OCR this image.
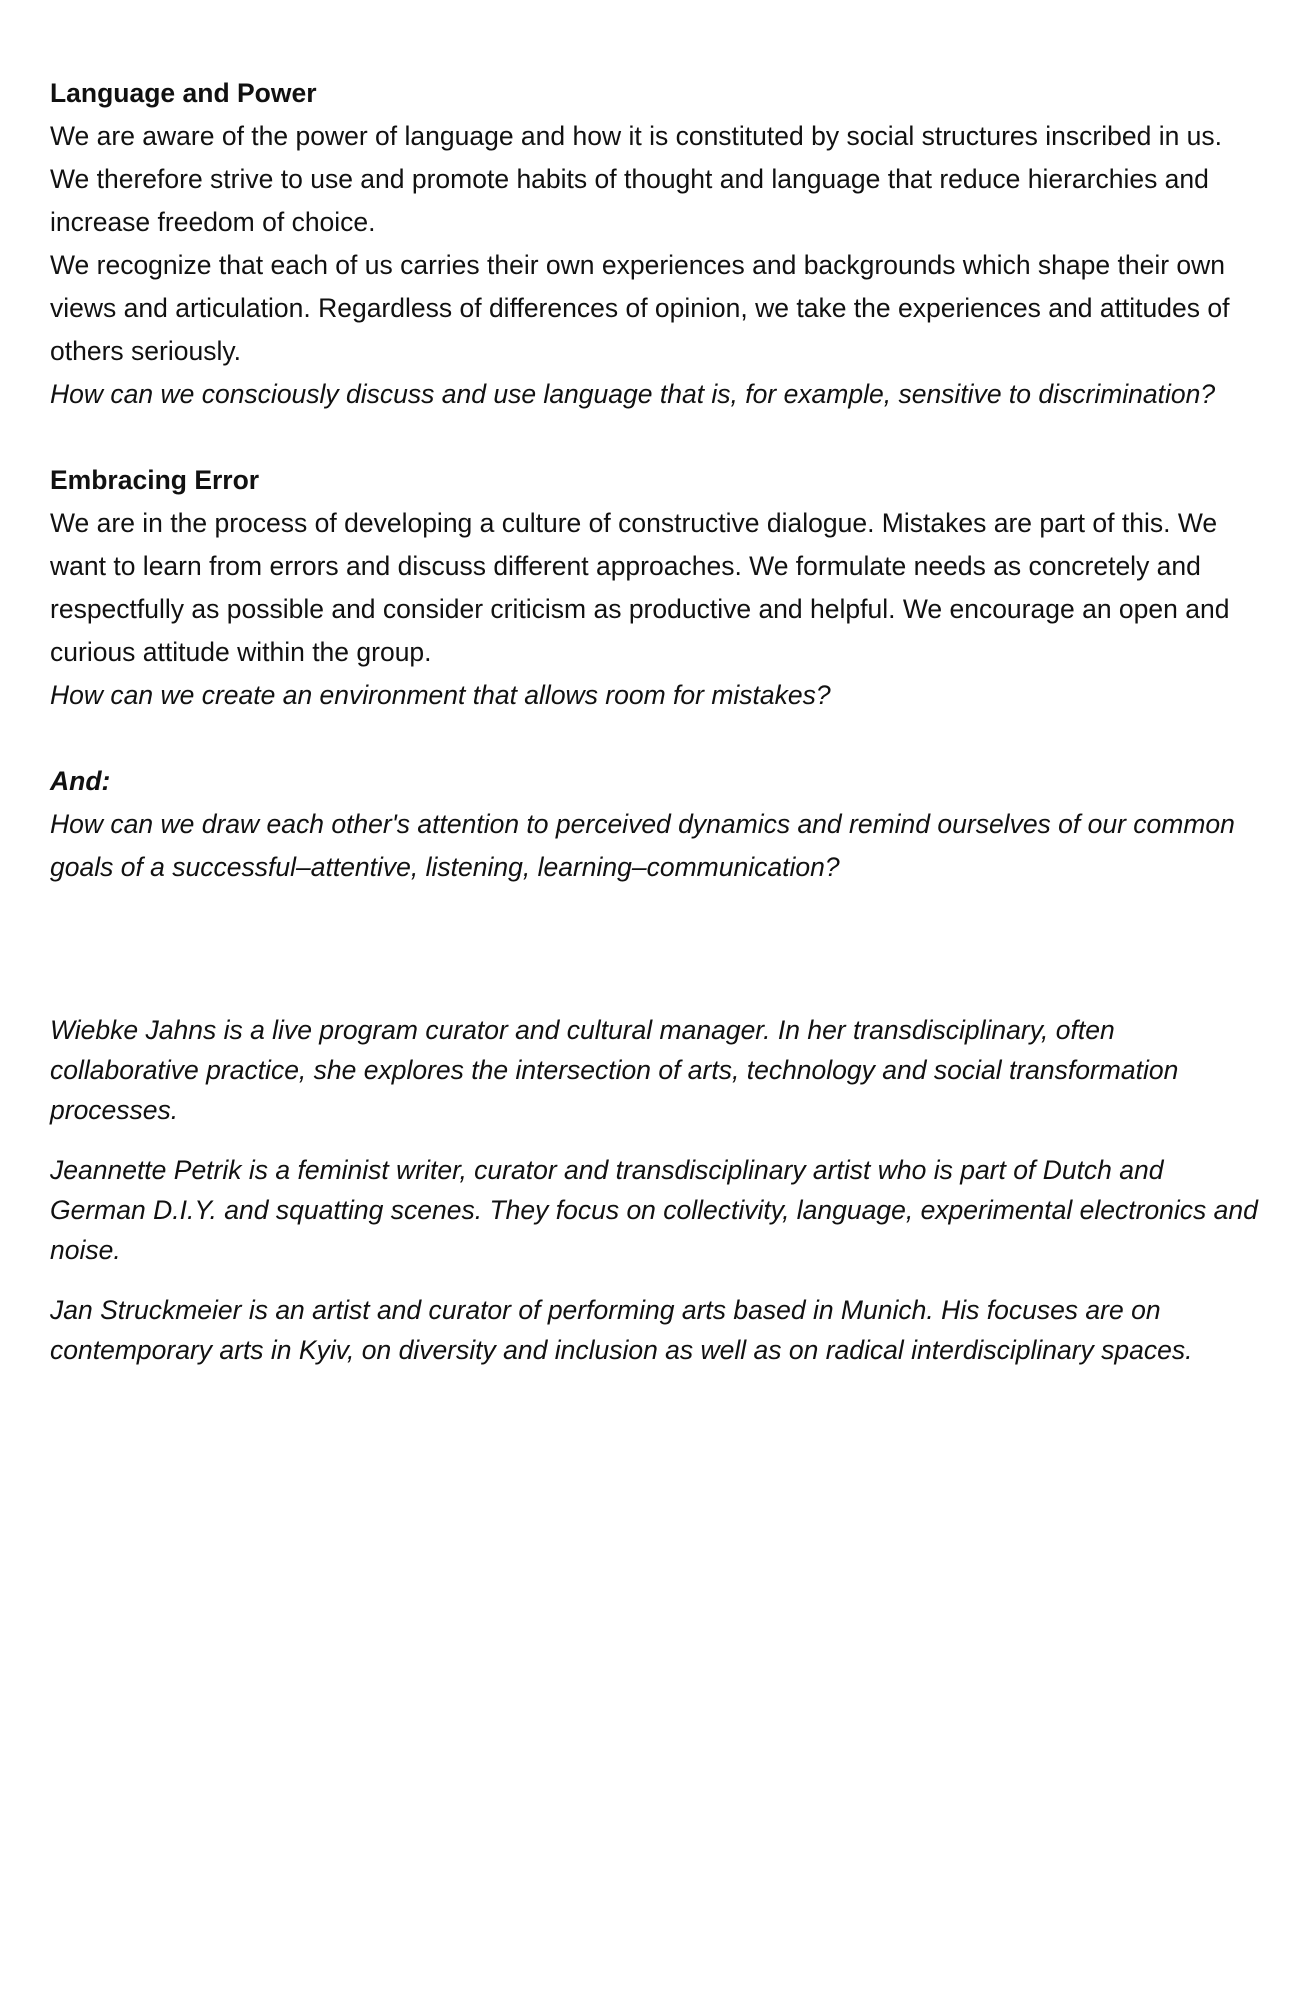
Language and Power

We are aware of the power of language and how it is constituted by social structures inscribed in us. We therefore strive to use and promote habits of thought and language that reduce hierarchies and increase freedom of choice.

We recognize that each of us carries their own experiences and backgrounds which shape their own views and articulation. Regardless of differences of opinion, we take the experiences and attitudes of others seriously.

How can we consciously discuss and use language that is, for example, sensitive to discrimination?

Embracing Error

We are in the process of developing a culture of constructive dialogue. Mistakes are part of this. We want to learn from errors and discuss different approaches. We formulate needs as concretely and respectfully as possible and consider criticism as productive and helpful. We encourage an open and curious attitude within the group.

How can we create an environment that allows room for mistakes?

And:

How can we draw each other's attention to perceived dynamics and remind ourselves of our common goals of a successful–attentive, listening, learning–communication?

Wiebke Jahns is a live program curator and cultural manager. In her transdisciplinary, often collaborative practice, she explores the intersection of arts, technology and social transformation processes.

Jeannette Petrik is a feminist writer, curator and transdisciplinary artist who is part of Dutch and German D.I.Y. and squatting scenes. They focus on collectivity, language, experimental electronics and noise.

Jan Struckmeier is an artist and curator of performing arts based in Munich. His focuses are on contemporary arts in Kyiv, on diversity and inclusion as well as on radical interdisciplinary spaces.
